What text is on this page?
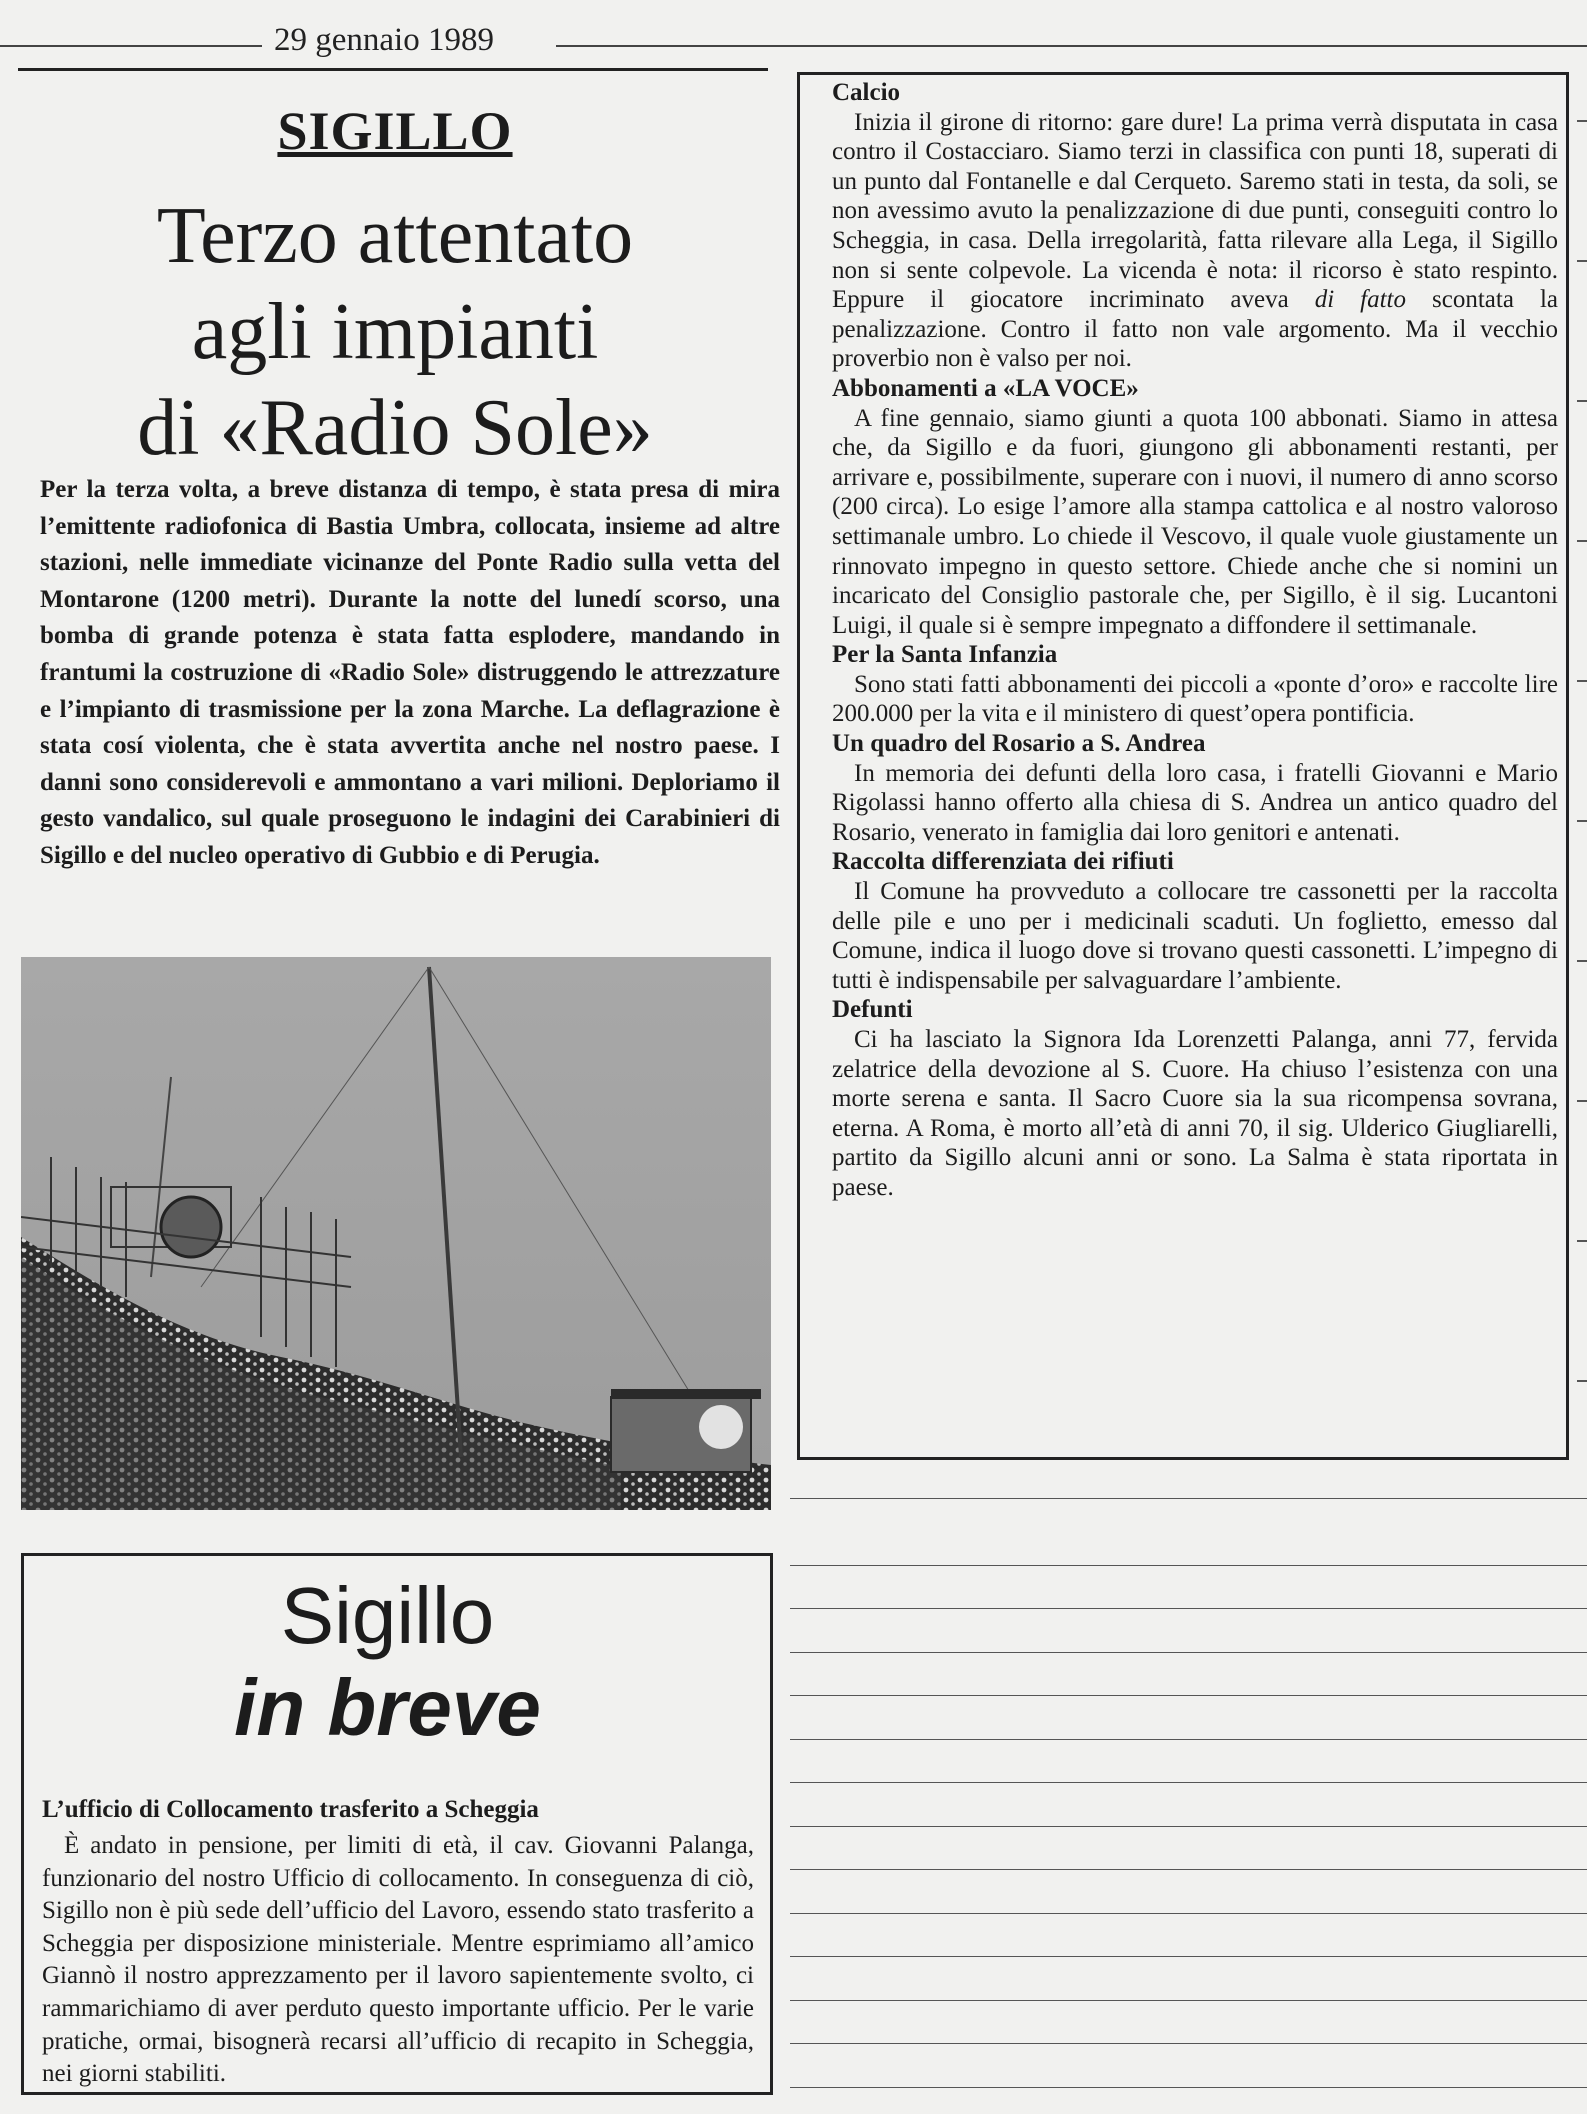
29 gennaio 1989
SIGILLO
Terzo attentato
agli impianti
di «Radio Sole»
Per la terza volta, a breve distanza di tempo, è stata presa di mira l’emittente radiofonica di Bastia Umbra, collocata, insieme ad altre stazioni, nelle immediate vicinanze del Ponte Radio sulla vetta del Montarone (1200 metri). Durante la notte del lunedí scorso, una bomba di grande potenza è stata fatta esplodere, mandando in frantumi la costruzione di «Radio Sole» distruggendo le attrezzature e l’impianto di trasmissione per la zona Marche. La deflagrazione è stata cosí violenta, che è stata avvertita anche nel nostro paese. I danni sono considerevoli e ammontano a vari milioni. Deploriamo il gesto vandalico, sul quale proseguono le indagini dei Carabinieri di Sigillo e del nucleo operativo di Gubbio e di Perugia.
Sigillo
in breve
L’ufficio di Collocamento trasferito a Scheggia
È andato in pensione, per limiti di età, il cav. Giovanni Palanga, funzionario del nostro Ufficio di collocamento. In conseguenza di ciò, Sigillo non è più sede dell’ufficio del Lavoro, essendo stato trasferito a Scheggia per disposizione ministeriale. Mentre esprimiamo all’amico Giannò il nostro apprezzamento per il lavoro sapientemente svolto, ci rammarichiamo di aver perduto questo importante ufficio. Per le varie pratiche, ormai, bisognerà recarsi all’ufficio di recapito in Scheggia, nei giorni stabiliti.

Calcio

Inizia il girone di ritorno: gare dure! La prima verrà disputata in casa contro il Costacciaro. Siamo terzi in classifica con punti 18, superati di un punto dal Fontanelle e dal Cerqueto. Saremo stati in testa, da soli, se non avessimo avuto la penalizzazione di due punti, conseguiti contro lo Scheggia, in casa. Della irregolarità, fatta rilevare alla Lega, il Sigillo non si sente colpevole. La vicenda è nota: il ricorso è stato respinto. Eppure il giocatore incriminato aveva di fatto scontata la penalizzazione. Contro il fatto non vale argomento. Ma il vecchio proverbio non è valso per noi.

Abbonamenti a «LA VOCE»

A fine gennaio, siamo giunti a quota 100 abbonati. Siamo in attesa che, da Sigillo e da fuori, giungono gli abbonamenti restanti, per arrivare e, possibilmente, superare con i nuovi, il numero di anno scorso (200 circa). Lo esige l’amore alla stampa cattolica e al nostro valoroso settimanale umbro. Lo chiede il Vescovo, il quale vuole giustamente un rinnovato impegno in questo settore. Chiede anche che si nomini un incaricato del Consiglio pastorale che, per Sigillo, è il sig. Lucantoni Luigi, il quale si è sempre impegnato a diffondere il settimanale.

Per la Santa Infanzia

Sono stati fatti abbonamenti dei piccoli a «ponte d’oro» e raccolte lire 200.000 per la vita e il ministero di quest’opera pontificia.

Un quadro del Rosario a S. Andrea

In memoria dei defunti della loro casa, i fratelli Giovanni e Mario Rigolassi hanno offerto alla chiesa di S. Andrea un antico quadro del Rosario, venerato in famiglia dai loro genitori e antenati.

Raccolta differenziata dei rifiuti

Il Comune ha provveduto a collocare tre cassonetti per la raccolta delle pile e uno per i medicinali scaduti. Un foglietto, emesso dal Comune, indica il luogo dove si trovano questi cassonetti. L’impegno di tutti è indispensabile per salvaguardare l’ambiente.

Defunti

Ci ha lasciato la Signora Ida Lorenzetti Palanga, anni 77, fervida zelatrice della devozione al S. Cuore. Ha chiuso l’esistenza con una morte serena e santa. Il Sacro Cuore sia la sua ricompensa sovrana, eterna. A Roma, è morto all’età di anni 70, il sig. Ulderico Giugliarelli, partito da Sigillo alcuni anni or sono. La Salma è stata riportata in paese.
